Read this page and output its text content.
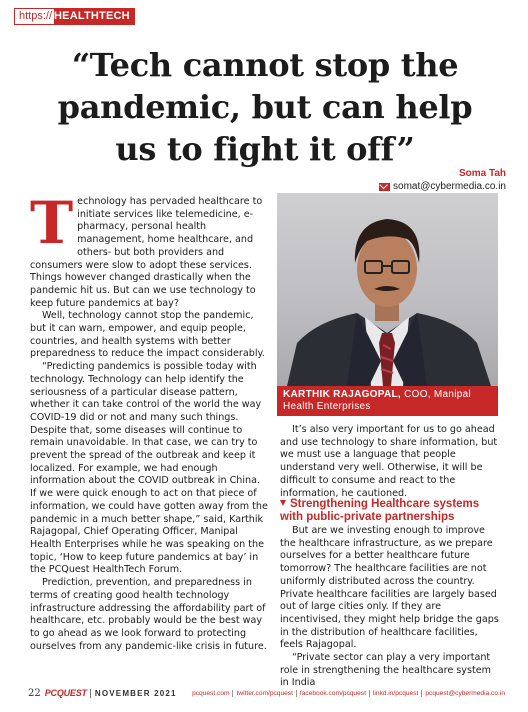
https:// HEALTHTECH
“Tech cannot stop the pandemic, but can help us to fight it off”
Soma Tah
somat@cybermedia.co.in

Technology has pervaded healthcare to initiate services like telemedicine, e-pharmacy, personal health management, home healthcare, and others- but both providers and consumers were slow to adopt these services. Things however changed drastically when the pandemic hit us. But can we use technology to keep future pandemics at bay?

Well, technology cannot stop the pandemic, but it can warn, empower, and equip people, countries, and health systems with better preparedness to reduce the impact considerably.

“Predicting pandemics is possible today with technology. Technology can help identify the seriousness of a particular disease pattern, whether it can take control of the world the way COVID-19 did or not and many such things. Despite that, some diseases will continue to remain unavoidable. In that case, we can try to prevent the spread of the outbreak and keep it localized. For example, we had enough information about the COVID outbreak in China. If we were quick enough to act on that piece of information, we could have gotten away from the pandemic in a much better shape,” said, Karthik Rajagopal, Chief Operating Officer, Manipal Health Enterprises while he was speaking on the topic, ‘How to keep future pandemics at bay’ in the PCQuest HealthTech Forum.

Prediction, prevention, and preparedness in terms of creating good health technology infrastructure addressing the affordability part of healthcare, etc. probably would be the best way to go ahead as we look forward to protecting ourselves from any pandemic-like crisis in future.

KARTHIK RAJAGOPAL, COO, Manipal Health Enterprises

It’s also very important for us to go ahead and use technology to share information, but we must use a language that people understand very well. Otherwise, it will be difficult to consume and react to the information, he cautioned.

Strengthening Healthcare systems with public-private partnerships

But are we investing enough to improve the healthcare infrastructure, as we prepare ourselves for a better healthcare future tomorrow? The healthcare facilities are not uniformly distributed across the country. Private healthcare facilities are largely based out of large cities only. If they are incentivised, they might help bridge the gaps in the distribution of healthcare facilities, feels Rajagopal.

“Private sector can play a very important role in strengthening the healthcare system in India

22 PCQUEST	NOVEMBER 2021	pcquest.com	twitter.com/pcquest	facebook.com/pcquest	linkd.in/pcquest	pcquest@cybermedia.co.in
